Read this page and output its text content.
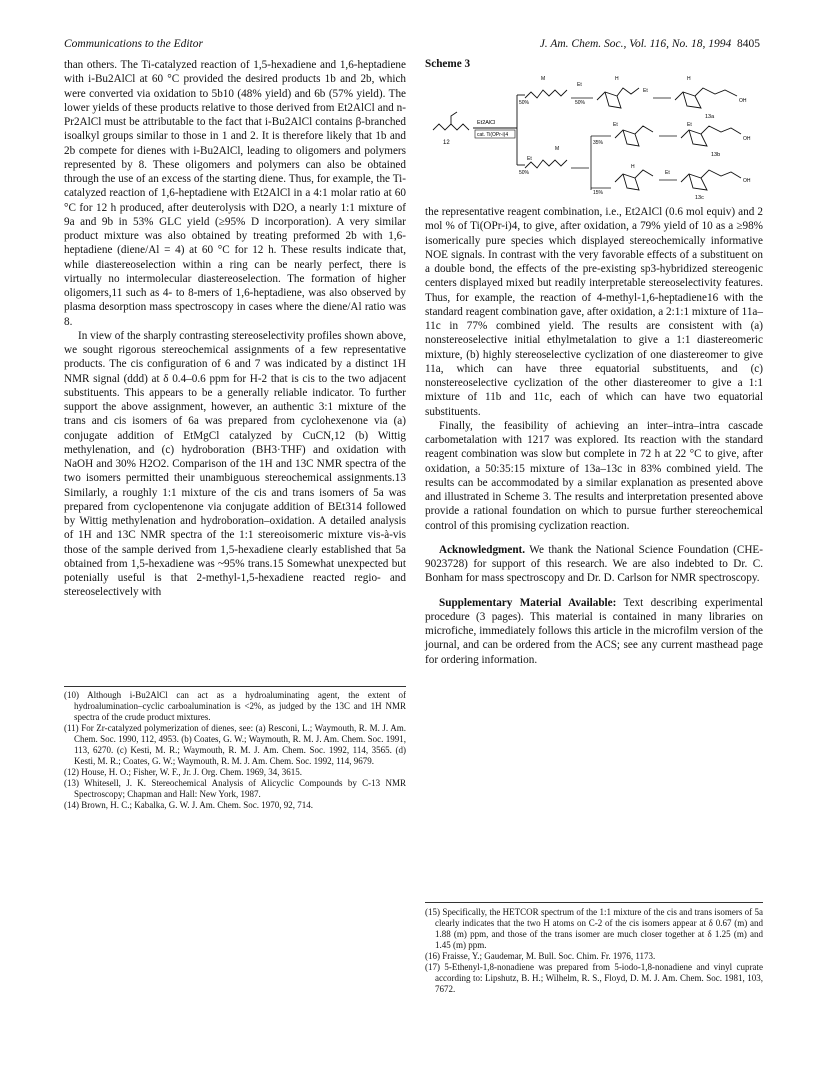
Communications to the Editor	J. Am. Chem. Soc., Vol. 116, No. 18, 1994 8405

than others. The Ti-catalyzed reaction of 1,5-hexadiene and 1,6-heptadiene with i-Bu2AlCl at 60 °C provided the desired products 1b and 2b, which were converted via oxidation to 5b10 (48% yield) and 6b (57% yield). The lower yields of these products relative to those derived from Et2AlCl and n-Pr2AlCl must be attributable to the fact that i-Bu2AlCl contains β-branched isoalkyl groups similar to those in 1 and 2. It is therefore likely that 1b and 2b compete for dienes with i-Bu2AlCl, leading to oligomers and polymers represented by 8. These oligomers and polymers can also be obtained through the use of an excess of the starting diene. Thus, for example, the Ti-catalyzed reaction of 1,6-heptadiene with Et2AlCl in a 4:1 molar ratio at 60 °C for 12 h produced, after deuterolysis with D2O, a nearly 1:1 mixture of 9a and 9b in 53% GLC yield (≥95% D incorporation). A very similar product mixture was also obtained by treating preformed 2b with 1,6-heptadiene (diene/Al = 4) at 60 °C for 12 h. These results indicate that, while diastereoselection within a ring can be nearly perfect, there is virtually no intermolecular diastereoselection. The formation of higher oligomers,11 such as 4- to 8-mers of 1,6-heptadiene, was also observed by plasma desorption mass spectroscopy in cases where the diene/Al ratio was 8.

In view of the sharply contrasting stereoselectivity profiles shown above, we sought rigorous stereochemical assignments of a few representative products. The cis configuration of 6 and 7 was indicated by a distinct 1H NMR signal (ddd) at δ 0.4–0.6 ppm for H-2 that is cis to the two adjacent substituents. This appears to be a generally reliable indicator. To further support the above assignment, however, an authentic 3:1 mixture of the trans and cis isomers of 6a was prepared from cyclohexenone via (a) conjugate addition of EtMgCl catalyzed by CuCN,12 (b) Wittig methylenation, and (c) hydroboration (BH3·THF) and oxidation with NaOH and 30% H2O2. Comparison of the 1H and 13C NMR spectra of the two isomers permitted their unambiguous stereochemical assignments.13 Similarly, a roughly 1:1 mixture of the cis and trans isomers of 5a was prepared from cyclopentenone via conjugate addition of BEt314 followed by Wittig methylenation and hydroboration–oxidation. A detailed analysis of 1H and 13C NMR spectra of the 1:1 stereoisomeric mixture vis-à-vis those of the sample derived from 1,5-hexadiene clearly established that 5a obtained from 1,5-hexadiene was ~95% trans.15 Somewhat unexpected but potenially useful is that 2-methyl-1,5-hexadiene reacted regio- and stereoselectively with

(10) Although i-Bu2AlCl can act as a hydroaluminating agent, the extent of hydroalumination–cyclic carboalumination is <2%, as judged by the 13C and 1H NMR spectra of the crude product mixtures.

(11) For Zr-catalyzed polymerization of dienes, see: (a) Resconi, L.; Waymouth, R. M. J. Am. Chem. Soc. 1990, 112, 4953. (b) Coates, G. W.; Waymouth, R. M. J. Am. Chem. Soc. 1991, 113, 6270. (c) Kesti, M. R.; Waymouth, R. M. J. Am. Chem. Soc. 1992, 114, 3565. (d) Kesti, M. R.; Coates, G. W.; Waymouth, R. M. J. Am. Chem. Soc. 1992, 114, 9679.

(12) House, H. O.; Fisher, W. F., Jr. J. Org. Chem. 1969, 34, 3615.

(13) Whitesell, J. K. Stereochemical Analysis of Alicyclic Compounds by C-13 NMR Spectroscopy; Chapman and Hall: New York, 1987.

(14) Brown, H. C.; Kabalka, G. W. J. Am. Chem. Soc. 1970, 92, 714.

Scheme 3
12
Et2AlCl
cat. Ti(OPr-i)4
50%
M
Et
50%
H
Et
H
OH
13a
35%
Et	Et
OH
13b
50%
Et
M
15%
H
Et
OH
13c

the representative reagent combination, i.e., Et2AlCl (0.6 mol equiv) and 2 mol % of Ti(OPr-i)4, to give, after oxidation, a 79% yield of 10 as a ≥98% isomerically pure species which displayed stereochemically informative NOE signals. In contrast with the very favorable effects of a substituent on a double bond, the effects of the pre-existing sp3-hybridized stereogenic centers displayed mixed but readily interpretable stereoselectivity features. Thus, for example, the reaction of 4-methyl-1,6-heptadiene16 with the standard reagent combination gave, after oxidation, a 2:1:1 mixture of 11a–11c in 77% combined yield. The results are consistent with (a) nonstereoselective initial ethylmetalation to give a 1:1 diastereomeric mixture, (b) highly stereoselective cyclization of one diastereomer to give 11a, which can have three equatorial substituents, and (c) nonstereoselective cyclization of the other diastereomer to give a 1:1 mixture of 11b and 11c, each of which can have two equatorial substituents.

Finally, the feasibility of achieving an inter–intra–intra cascade carbometalation with 1217 was explored. Its reaction with the standard reagent combination was slow but complete in 72 h at 22 °C to give, after oxidation, a 50:35:15 mixture of 13a–13c in 83% combined yield. The results can be accommodated by a similar explanation as presented above and illustrated in Scheme 3. The results and interpretation presented above provide a rational foundation on which to pursue further stereochemical control of this promising cyclization reaction.

Acknowledgment. We thank the National Science Foundation (CHE-9023728) for support of this research. We are also indebted to Dr. C. Bonham for mass spectroscopy and Dr. D. Carlson for NMR spectroscopy.

Supplementary Material Available: Text describing experimental procedure (3 pages). This material is contained in many libraries on microfiche, immediately follows this article in the microfilm version of the journal, and can be ordered from the ACS; see any current masthead page for ordering information.

(15) Specifically, the HETCOR spectrum of the 1:1 mixture of the cis and trans isomers of 5a clearly indicates that the two H atoms on C-2 of the cis isomers appear at δ 0.67 (m) and 1.88 (m) ppm, and those of the trans isomer are much closer together at δ 1.25 (m) and 1.45 (m) ppm.

(16) Fraisse, Y.; Gaudemar, M. Bull. Soc. Chim. Fr. 1976, 1173.

(17) 5-Ethenyl-1,8-nonadiene was prepared from 5-iodo-1,8-nonadiene and vinyl cuprate according to: Lipshutz, B. H.; Wilhelm, R. S., Floyd, D. M. J. Am. Chem. Soc. 1981, 103, 7672.
